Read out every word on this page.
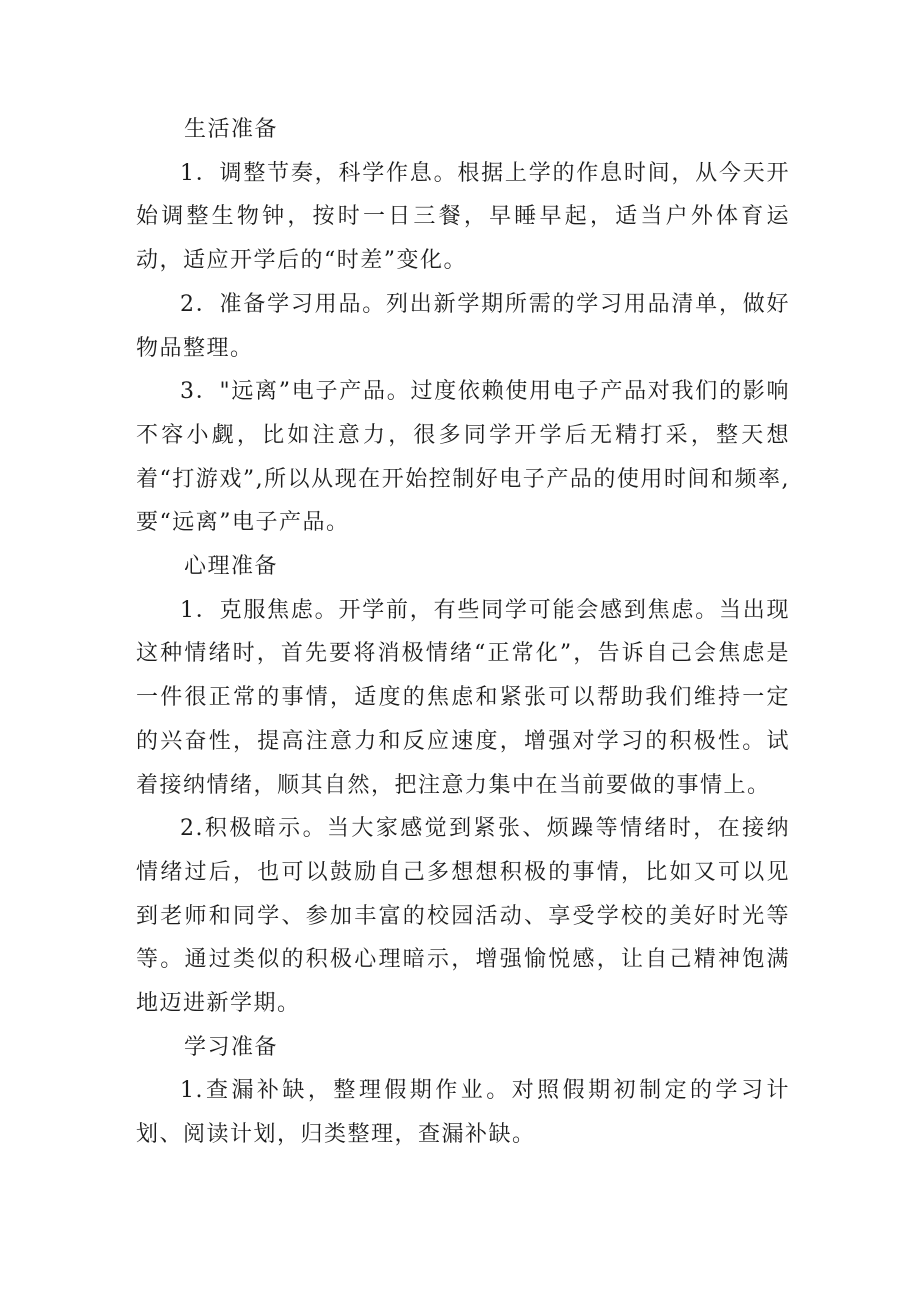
生活准备

1．调整节奏，科学作息。根据上学的作息时间，从今天开始调整生物钟，按时一日三餐，早睡早起，适当户外体育运动，适应开学后的“时差”变化。

2．准备学习用品。列出新学期所需的学习用品清单，做好物品整理。

3．"远离”电子产品。过度依赖使用电子产品对我们的影响不容小觑，比如注意力，很多同学开学后无精打采，整天想着“打游戏”,所以从现在开始控制好电子产品的使用时间和频率,要“远离”电子产品。

心理准备

1．克服焦虑。开学前，有些同学可能会感到焦虑。当出现这种情绪时，首先要将消极情绪“正常化”，告诉自己会焦虑是一件很正常的事情，适度的焦虑和紧张可以帮助我们维持一定的兴奋性，提高注意力和反应速度，增强对学习的积极性。试着接纳情绪，顺其自然，把注意力集中在当前要做的事情上。

2.积极暗示。当大家感觉到紧张、烦躁等情绪时，在接纳情绪过后，也可以鼓励自己多想想积极的事情，比如又可以见到老师和同学、参加丰富的校园活动、享受学校的美好时光等等。通过类似的积极心理暗示，增强愉悦感，让自己精神饱满地迈进新学期。

学习准备

1.查漏补缺，整理假期作业。对照假期初制定的学习计划、阅读计划，归类整理，查漏补缺。
